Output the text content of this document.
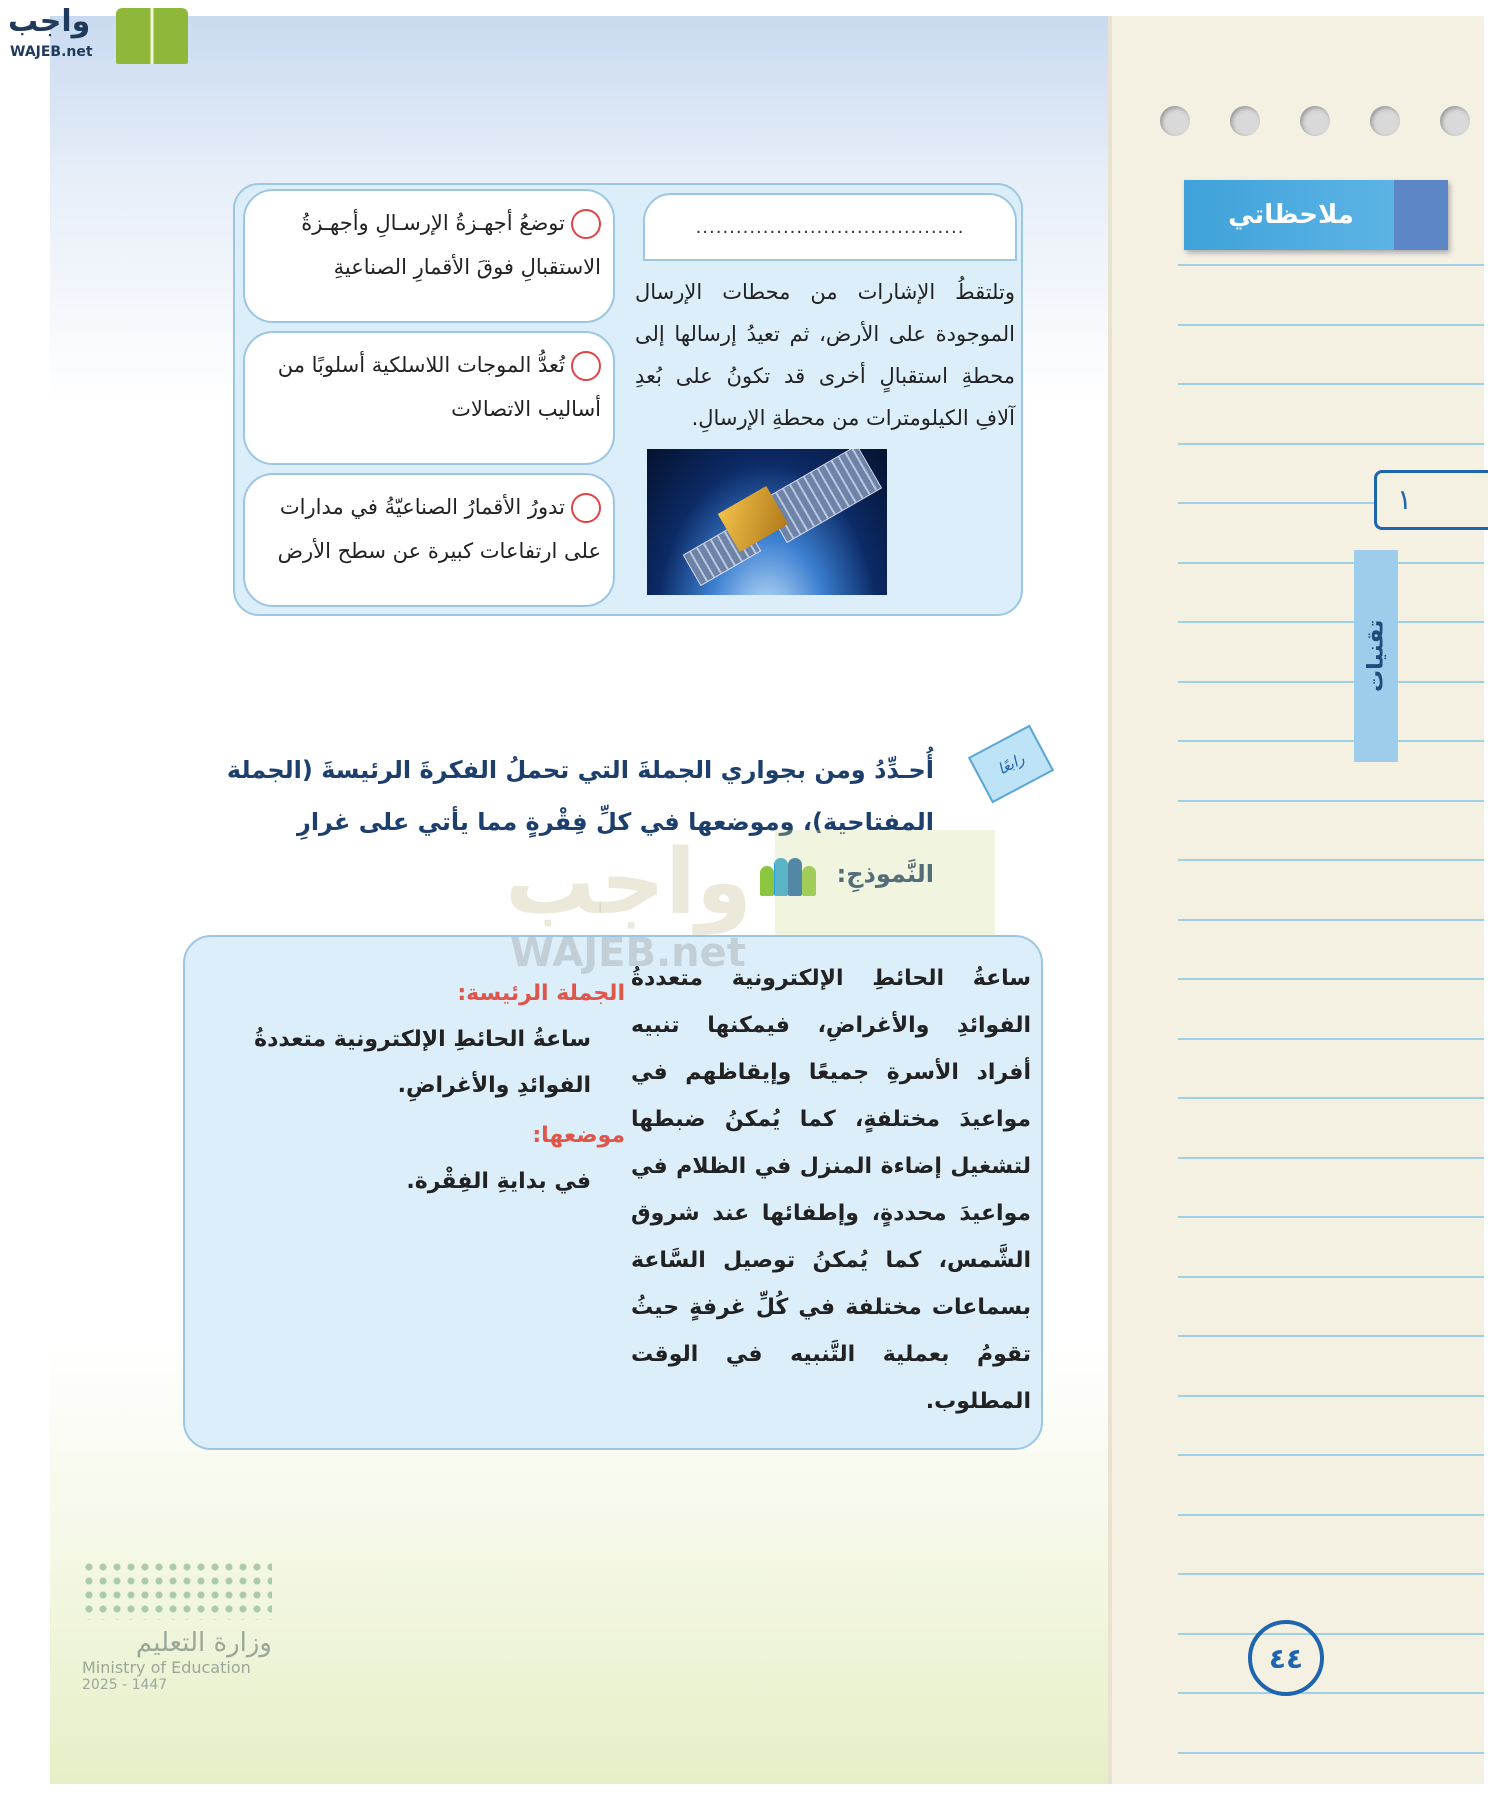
واجب
WAJEB.net
ملاحظاتي
١
تقنيات
٤٤
........................................
وتلتقطُ الإشارات من محطات الإرسال الموجودة على الأرض، ثم تعيدُ إرسالها إلى محطةِ استقبالٍ أخرى قد تكونُ على بُعدِ آلافِ الكيلومترات من محطةِ الإرسالِ.
توضعُ أجهـزةُ الإرسـالِ وأجهـزةُ الاستقبالِ فوقَ الأقمارِ الصناعيةِ
تُعدُّ الموجات اللاسلكية أسلوبًا من أساليب الاتصالات
تدورُ الأقمارُ الصناعيّةُ في مدارات على ارتفاعات كبيرة عن سطح الأرض
رابعًا
أُحـدِّدُ ومن بجواري الجملةَ التي تحملُ الفكرةَ الرئيسةَ (الجملة المفتاحية)، وموضعها في كلِّ فِقْرةٍ مما يأتي على غرارِ النَّموذجِ:
واجب
ساعةُ الحائطِ الإلكترونية متعددةُ الفوائدِ والأغراضِ، فيمكنها تنبيه أفراد الأسرةِ جميعًا وإيقاظهم في مواعيدَ مختلفةٍ، كما يُمكنُ ضبطها لتشغيل إضاءة المنزل في الظلام في مواعيدَ محددةٍ، وإطفائها عند شروق الشَّمس، كما يُمكنُ توصيل السَّاعة بسماعات مختلفة في كُلِّ غرفةٍ حيثُ تقومُ بعملية التَّنبيه في الوقت المطلوب.
الجملة الرئيسة:
ساعةُ الحائطِ الإلكترونية متعددةُ الفوائدِ والأغراضِ.
موضعها:
في بدايةِ الفِقْرة.
WAJEB.net
وزارة التعليم
Ministry of Education
2025 - 1447
